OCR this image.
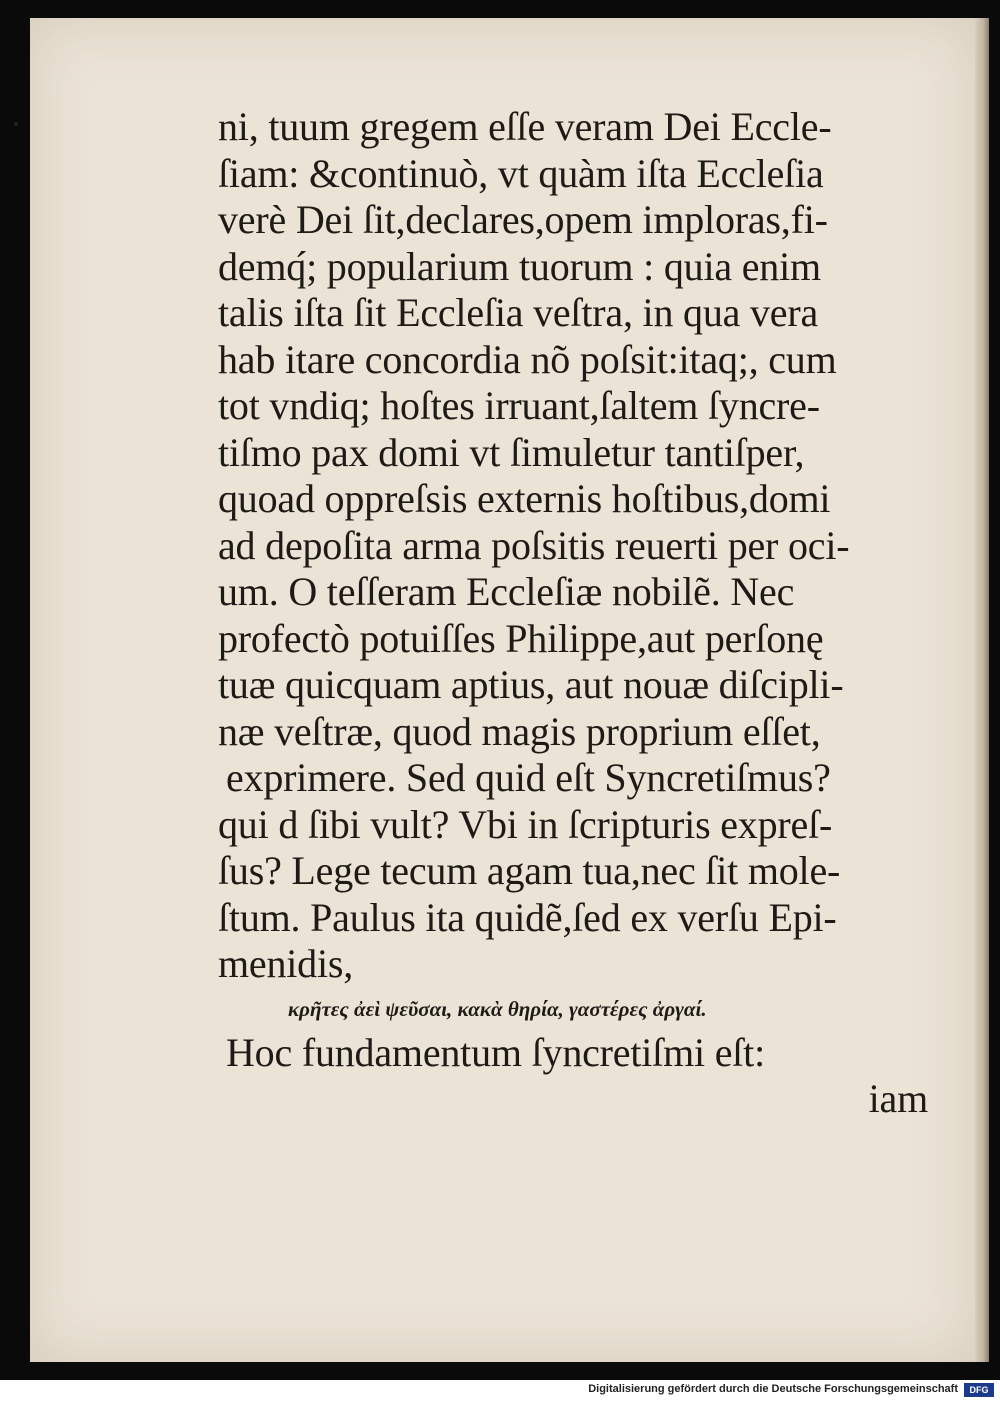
ni, tuum gregem eſſe veram Dei Eccle-
ſiam: &continuò, vt quàm iſta Eccleſia
verè Dei ſit,declares,opem imploras,fi-
demq́; popularium tuorum : quia enim
talis iſta ſit Eccleſia veſtra, in qua vera
hab itare concordia nõ poſsit:itaq;, cum
tot vndiq; hoſtes irruant,ſaltem ſyncre-
tiſmo pax domi vt ſimuletur tantiſper,
quoad oppreſsis externis hoſtibus,domi
ad depoſita arma poſsitis reuerti per oci-
um. O teſſeram Eccleſiæ nobilẽ. Nec
profectò potuiſſes Philippe,aut perſonę
tuæ quicquam aptius, aut nouæ diſcipli-
næ veſtræ, quod magis proprium eſſet,
exprimere. Sed quid eſt Syncretiſmus?
qui d ſibi vult? Vbi in ſcripturis expreſ-
ſus? Lege tecum agam tua,nec ſit mole-
ſtum. Paulus ita quidẽ,ſed ex verſu Epi-
menidis,
κρῆτες ἀεὶ ψεῦσαι, κακὰ θηρία, γαστέρες ἀργαί.
Hoc fundamentum ſyncretiſmi eſt:
iam
Digitalisierung gefördert durch die Deutsche Forschungsgemeinschaft	DFG
